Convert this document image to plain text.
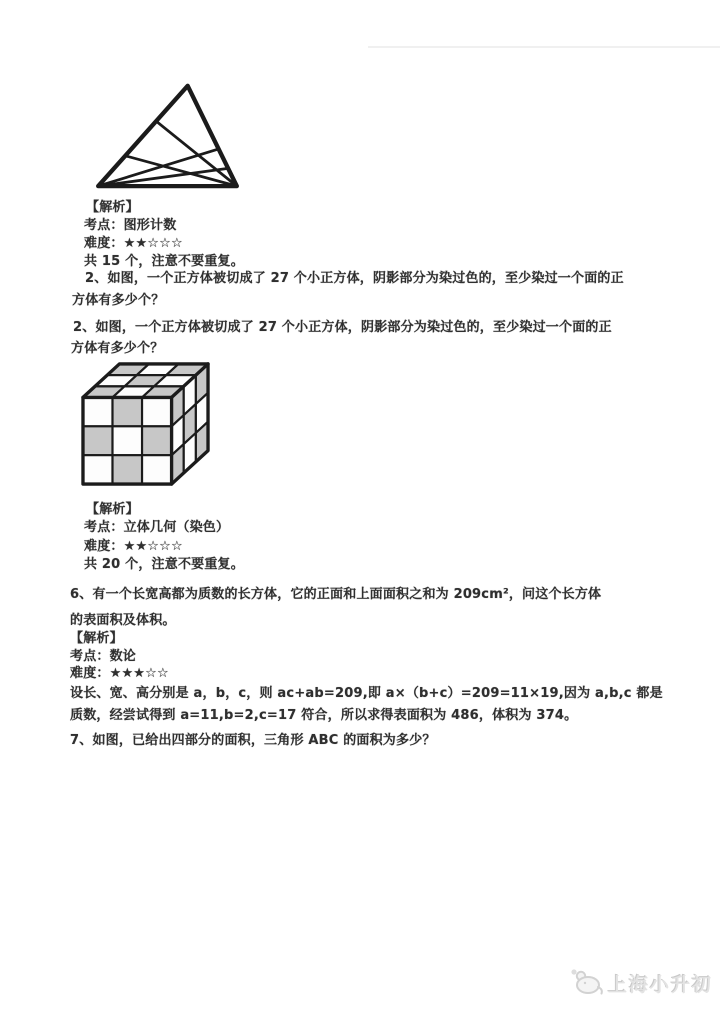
【解析】
考点：图形计数
难度：★★☆☆☆
共 15 个，注意不要重复。
2、如图，一个正方体被切成了 27 个小正方体，阴影部分为染过色的，至少染过一个面的正
方体有多少个？
2、如图，一个正方体被切成了 27 个小正方体，阴影部分为染过色的，至少染过一个面的正
方体有多少个？
【解析】
考点：立体几何（染色）
难度：★★☆☆☆
共 20 个，注意不要重复。
6、有一个长宽高都为质数的长方体，它的正面和上面面积之和为 209cm²，问这个长方体
的表面积及体积。
【解析】
考点：数论
难度：★★★☆☆
设长、宽、高分别是 a，b，c，则 ac+ab=209,即 a×（b+c）=209=11×19,因为 a,b,c 都是
质数，经尝试得到 a=11,b=2,c=17 符合，所以求得表面积为 486，体积为 374。
7、如图，已给出四部分的面积，三角形 ABC 的面积为多少？
上海小升初
